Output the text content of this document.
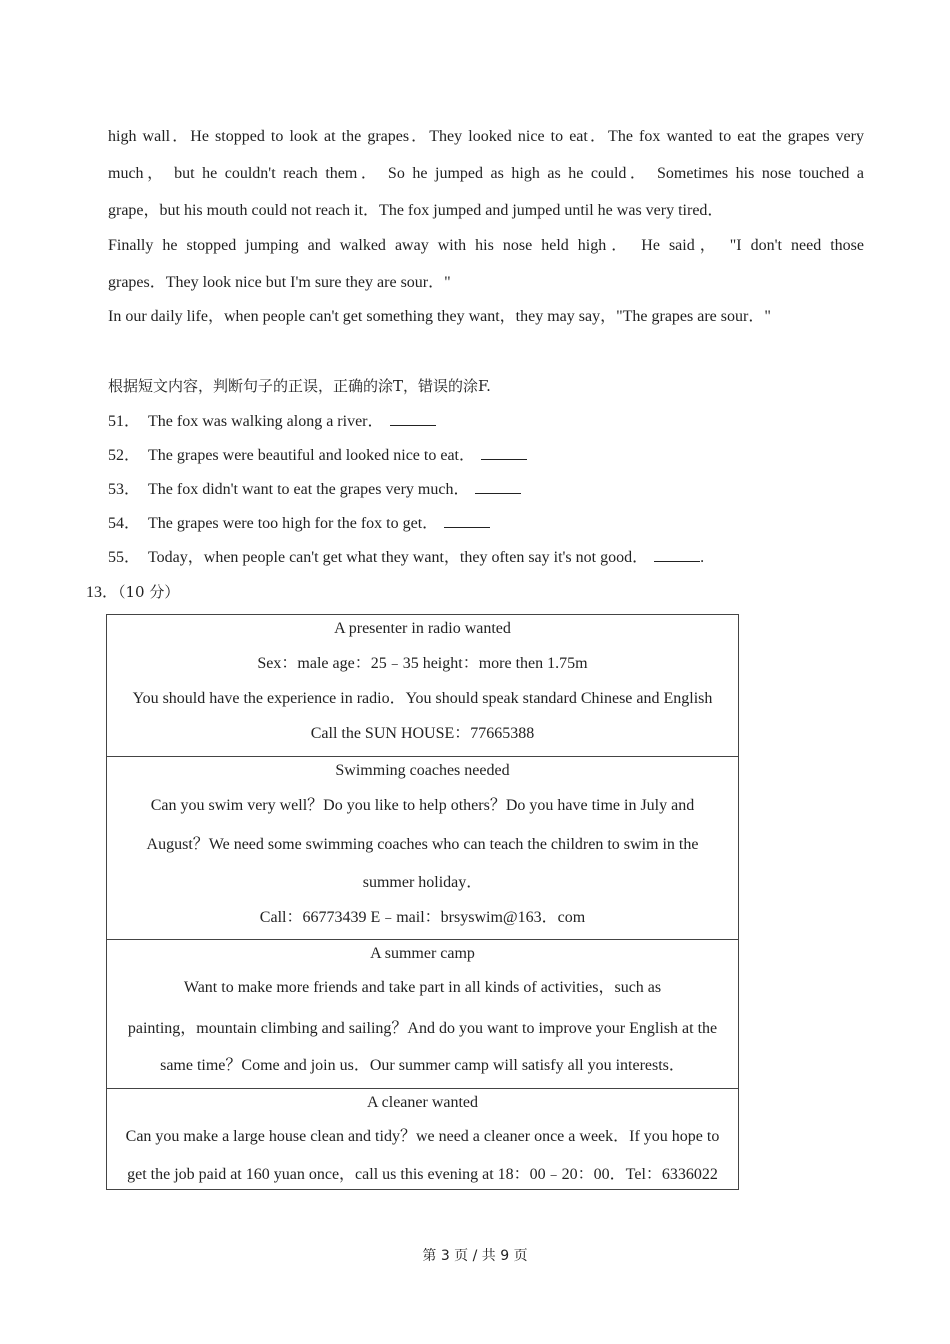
high wall．He stopped to look at the grapes．They looked nice to eat．The fox wanted to eat the grapes very
much， but he couldn't reach them． So he jumped as high as he could． Sometimes his nose touched a
grape，but his mouth could not reach it．The fox jumped and jumped until he was very tired．
Finally he stopped jumping and walked away with his nose held high． He said， "I don't need those
grapes．They look nice but I'm sure they are sour．"
In our daily life，when people can't get something they want，they may say，"The grapes are sour．"
根据短文内容，判断句子的正误，正确的涂T，错误的涂F.
51． The fox was walking along a river．
52． The grapes were beautiful and looked nice to eat．
53． The fox didn't want to eat the grapes very much．
54． The grapes were too high for the fox to get．
55． Today，when people can't get what they want，they often say it's not good．	.
13．（10 分）
A presenter in radio wanted
Sex：male age：25﹣35 height：more then 1.75m
You should have the experience in radio．You should speak standard Chinese and English
Call the SUN HOUSE：77665388
Swimming coaches needed
Can you swim very well？Do you like to help others？Do you have time in July and
August？We need some swimming coaches who can teach the children to swim in the
summer holiday．
Call：66773439 E﹣mail：brsyswim@163．com
A summer camp
Want to make more friends and take part in all kinds of activities，such as
painting，mountain climbing and sailing？And do you want to improve your English at the
same time？Come and join us．Our summer camp will satisfy all you interests．
A cleaner wanted
Can you make a large house clean and tidy？we need a cleaner once a week．If you hope to
get the job paid at 160 yuan once，call us this evening at 18：00﹣20：00．Tel：6336022
第 3 页 / 共 9 页
